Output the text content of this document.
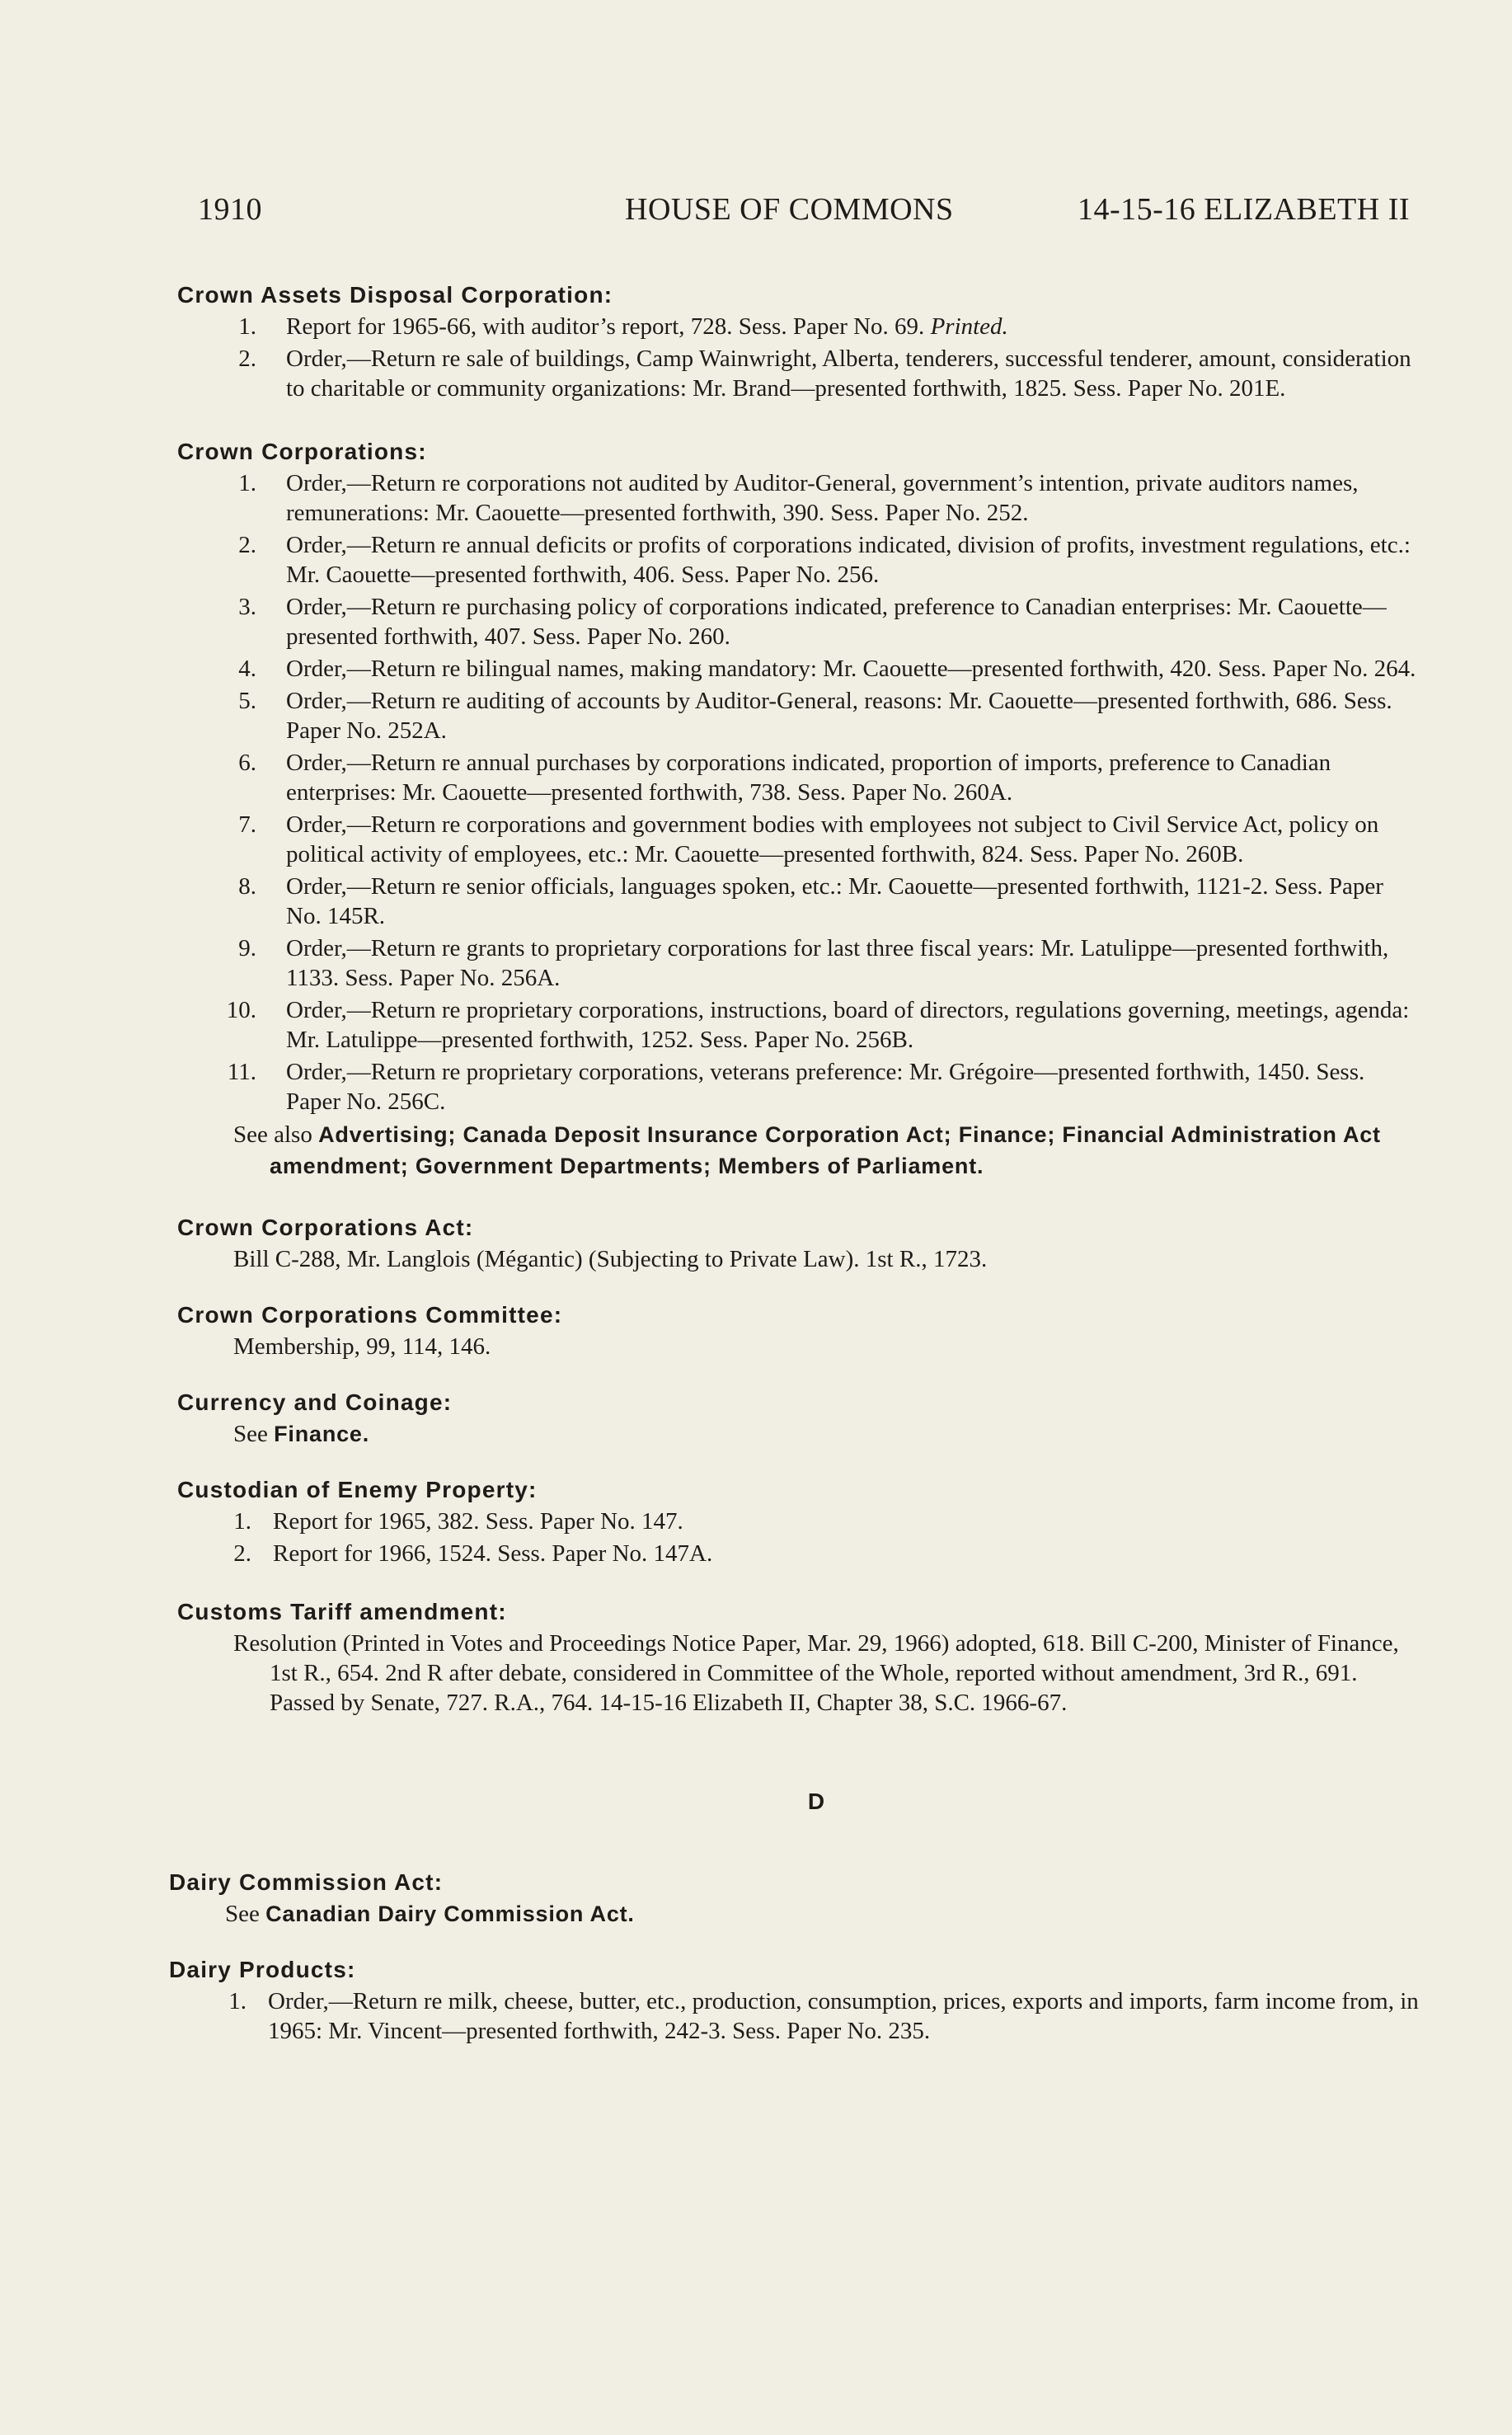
1910	HOUSE OF COMMONS	14-15-16 ELIZABETH II
Crown Assets Disposal Corporation:
1. Report for 1965-66, with auditor’s report, 728. Sess. Paper No. 69. Printed.
2. Order,—Return re sale of buildings, Camp Wainwright, Alberta, tenderers, successful tenderer, amount, consideration to charitable or community organizations: Mr. Brand—presented forthwith, 1825. Sess. Paper No. 201E.
Crown Corporations:
1. Order,—Return re corporations not audited by Auditor-General, government’s intention, private auditors names, remunerations: Mr. Caouette—presented forthwith, 390. Sess. Paper No. 252.
2. Order,—Return re annual deficits or profits of corporations indicated, division of profits, investment regulations, etc.: Mr. Caouette—presented forthwith, 406. Sess. Paper No. 256.
3. Order,—Return re purchasing policy of corporations indicated, preference to Canadian enterprises: Mr. Caouette—presented forthwith, 407. Sess. Paper No. 260.
4. Order,—Return re bilingual names, making mandatory: Mr. Caouette—presented forthwith, 420. Sess. Paper No. 264.
5. Order,—Return re auditing of accounts by Auditor-General, reasons: Mr. Caouette—presented forthwith, 686. Sess. Paper No. 252A.
6. Order,—Return re annual purchases by corporations indicated, proportion of imports, preference to Canadian enterprises: Mr. Caouette—presented forthwith, 738. Sess. Paper No. 260A.
7. Order,—Return re corporations and government bodies with employees not subject to Civil Service Act, policy on political activity of employees, etc.: Mr. Caouette—presented forthwith, 824. Sess. Paper No. 260B.
8. Order,—Return re senior officials, languages spoken, etc.: Mr. Caouette—presented forthwith, 1121-2. Sess. Paper No. 145R.
9. Order,—Return re grants to proprietary corporations for last three fiscal years: Mr. Latulippe—presented forthwith, 1133. Sess. Paper No. 256A.
10. Order,—Return re proprietary corporations, instructions, board of directors, regulations governing, meetings, agenda: Mr. Latulippe—presented forthwith, 1252. Sess. Paper No. 256B.
11. Order,—Return re proprietary corporations, veterans preference: Mr. Grégoire—presented forthwith, 1450. Sess. Paper No. 256C.
See also Advertising; Canada Deposit Insurance Corporation Act; Finance; Financial Administration Act amendment; Government Departments; Members of Parliament.
Crown Corporations Act:
Bill C-288, Mr. Langlois (Mégantic) (Subjecting to Private Law). 1st R., 1723.
Crown Corporations Committee:
Membership, 99, 114, 146.
Currency and Coinage:
See Finance.
Custodian of Enemy Property:
1. Report for 1965, 382. Sess. Paper No. 147.
2. Report for 1966, 1524. Sess. Paper No. 147A.
Customs Tariff amendment:
Resolution (Printed in Votes and Proceedings Notice Paper, Mar. 29, 1966) adopted, 618. Bill C-200, Minister of Finance, 1st R., 654. 2nd R after debate, considered in Committee of the Whole, reported without amendment, 3rd R., 691. Passed by Senate, 727. R.A., 764. 14-15-16 Elizabeth II, Chapter 38, S.C. 1966-67.
D
Dairy Commission Act:
See Canadian Dairy Commission Act.
Dairy Products:
1. Order,—Return re milk, cheese, butter, etc., production, consumption, prices, exports and imports, farm income from, in 1965: Mr. Vincent—presented forthwith, 242-3. Sess. Paper No. 235.
